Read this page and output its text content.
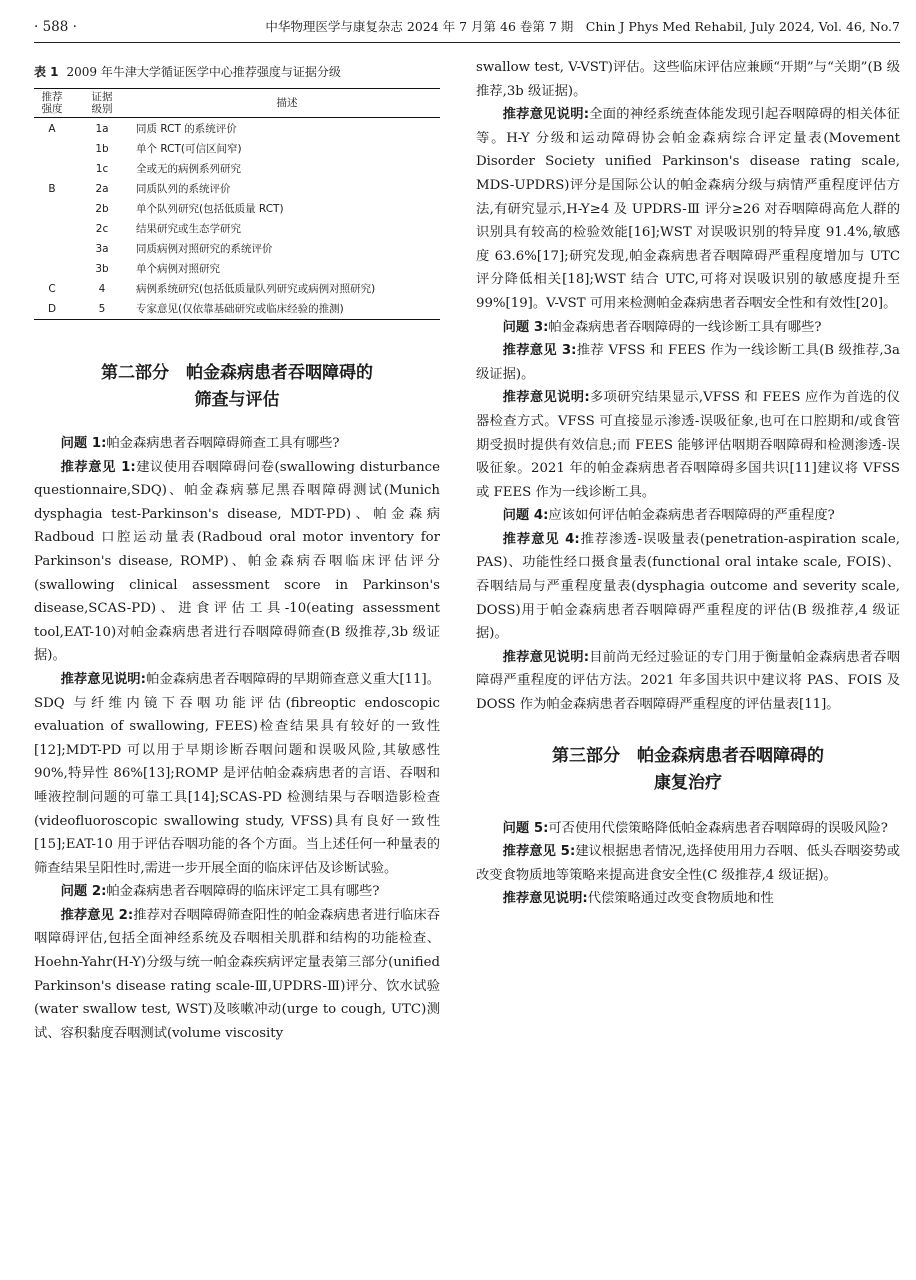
· 588 ·	中华物理医学与康复杂志 2024 年 7 月第 46 卷第 7 期　Chin J Phys Med Rehabil, July 2024, Vol. 46, No.7
表 1 2009 年牛津大学循证医学中心推荐强度与证据分级
推荐强度	证据级别	描述
A	1a	同质 RCT 的系统评价
	1b	单个 RCT(可信区间窄)
	1c	全或无的病例系列研究
B	2a	同质队列的系统评价
	2b	单个队列研究(包括低质量 RCT)
	2c	结果研究或生态学研究
	3a	同质病例对照研究的系统评价
	3b	单个病例对照研究
C	4	病例系统研究(包括低质量队列研究或病例对照研究)
D	5	专家意见(仅依靠基础研究或临床经验的推测)
第二部分　帕金森病患者吞咽障碍的
筛查与评估

问题 1:帕金森病患者吞咽障碍筛查工具有哪些?

推荐意见 1:建议使用吞咽障碍问卷(swallowing disturbance questionnaire,SDQ)、帕金森病慕尼黑吞咽障碍测试(Munich dysphagia test-Parkinson's disease, MDT-PD)、帕金森病 Radboud 口腔运动量表(Radboud oral motor inventory for Parkinson's disease, ROMP)、帕金森病吞咽临床评估评分(swallowing clinical assessment score in Parkinson's disease,SCAS-PD)、进食评估工具-10(eating assessment tool,EAT-10)对帕金森病患者进行吞咽障碍筛查(B 级推荐,3b 级证据)。

推荐意见说明:帕金森病患者吞咽障碍的早期筛查意义重大[11]。SDQ 与纤维内镜下吞咽功能评估(fibreoptic endoscopic evaluation of swallowing, FEES)检查结果具有较好的一致性[12];MDT-PD 可以用于早期诊断吞咽问题和误吸风险,其敏感性 90%,特异性 86%[13];ROMP 是评估帕金森病患者的言语、吞咽和唾液控制问题的可靠工具[14];SCAS-PD 检测结果与吞咽造影检查(videofluoroscopic swallowing study, VFSS)具有良好一致性[15];EAT-10 用于评估吞咽功能的各个方面。当上述任何一种量表的筛查结果呈阳性时,需进一步开展全面的临床评估及诊断试验。

问题 2:帕金森病患者吞咽障碍的临床评定工具有哪些?

推荐意见 2:推荐对吞咽障碍筛查阳性的帕金森病患者进行临床吞咽障碍评估,包括全面神经系统及吞咽相关肌群和结构的功能检查、Hoehn-Yahr(H-Y)分级与统一帕金森疾病评定量表第三部分(unified Parkinson's disease rating scale-Ⅲ,UPDRS-Ⅲ)评分、饮水试验(water swallow test, WST)及咳嗽冲动(urge to cough, UTC)测试、容积黏度吞咽测试(volume viscosity

swallow test, V-VST)评估。这些临床评估应兼顾“开期”与“关期”(B 级推荐,3b 级证据)。

推荐意见说明:全面的神经系统查体能发现引起吞咽障碍的相关体征等。H-Y 分级和运动障碍协会帕金森病综合评定量表(Movement Disorder Society unified Parkinson's disease rating scale, MDS-UPDRS)评分是国际公认的帕金森病分级与病情严重程度评估方法,有研究显示,H-Y≥4 及 UPDRS-Ⅲ 评分≥26 对吞咽障碍高危人群的识别具有较高的检验效能[16];WST 对误吸识别的特异度 91.4%,敏感度 63.6%[17];研究发现,帕金森病患者吞咽障碍严重程度增加与 UTC 评分降低相关[18];WST 结合 UTC,可将对误吸识别的敏感度提升至 99%[19]。V-VST 可用来检测帕金森病患者吞咽安全性和有效性[20]。

问题 3:帕金森病患者吞咽障碍的一线诊断工具有哪些?

推荐意见 3:推荐 VFSS 和 FEES 作为一线诊断工具(B 级推荐,3a 级证据)。

推荐意见说明:多项研究结果显示,VFSS 和 FEES 应作为首选的仪器检查方式。VFSS 可直接显示渗透-误吸征象,也可在口腔期和/或食管期受损时提供有效信息;而 FEES 能够评估咽期吞咽障碍和检测渗透-误吸征象。2021 年的帕金森病患者吞咽障碍多国共识[11]建议将 VFSS 或 FEES 作为一线诊断工具。

问题 4:应该如何评估帕金森病患者吞咽障碍的严重程度?

推荐意见 4:推荐渗透-误吸量表(penetration-aspiration scale, PAS)、功能性经口摄食量表(functional oral intake scale, FOIS)、吞咽结局与严重程度量表(dysphagia outcome and severity scale, DOSS)用于帕金森病患者吞咽障碍严重程度的评估(B 级推荐,4 级证据)。

推荐意见说明:目前尚无经过验证的专门用于衡量帕金森病患者吞咽障碍严重程度的评估方法。2021 年多国共识中建议将 PAS、FOIS 及 DOSS 作为帕金森病患者吞咽障碍严重程度的评估量表[11]。

第三部分　帕金森病患者吞咽障碍的
康复治疗

问题 5:可否使用代偿策略降低帕金森病患者吞咽障碍的误吸风险?

推荐意见 5:建议根据患者情况,选择使用用力吞咽、低头吞咽姿势或改变食物质地等策略来提高进食安全性(C 级推荐,4 级证据)。

推荐意见说明:代偿策略通过改变食物质地和性
